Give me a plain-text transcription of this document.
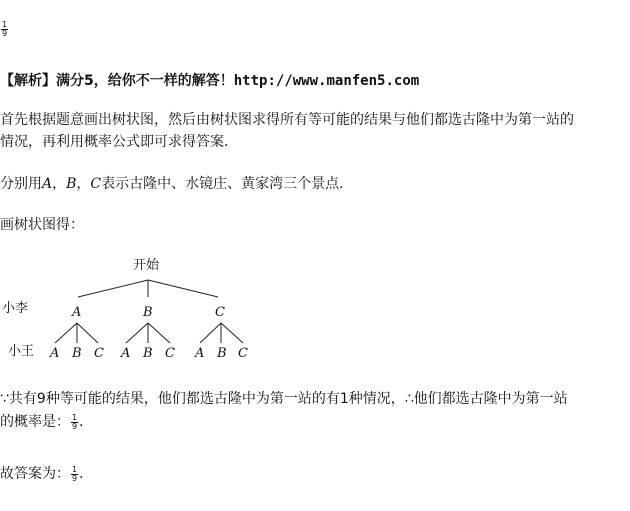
$\frac{1}{9}$
【解析】满分5，给你不一样的解答！http://www.manfen5.com
首先根据题意画出树状图，然后由树状图求得所有等可能的结果与他们都选古隆中为第一站的
情况，再利用概率公式即可求得答案．
分别用A，B，C表示古隆中、水镜庄、黄家湾三个景点．
画树状图得：
开始
小李
小王
A	B	C
A B C A B C A B C
∵共有9种等可能的结果，他们都选古隆中为第一站的有1种情况，∴他们都选古隆中为第一站
的概率是： $\frac{1}{9}$ ．
故答案为： $\frac{1}{9}$ ．
